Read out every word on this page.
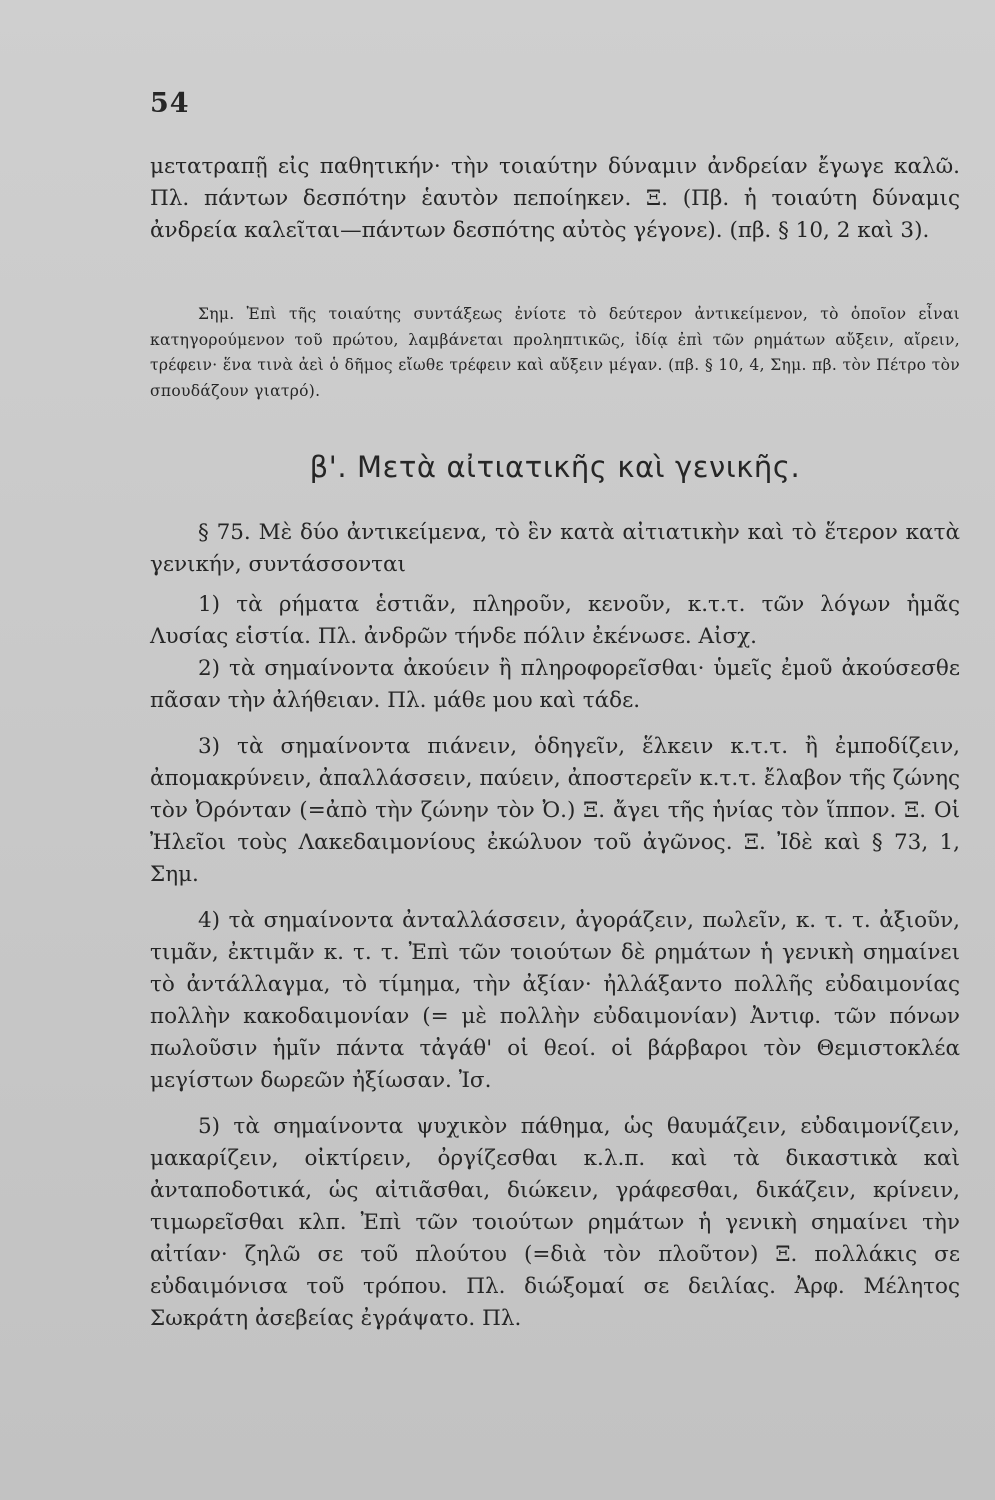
54

μετατραπῇ εἰς παθητικήν· τὴν τοιαύτην δύναμιν ἀνδρείαν ἔγωγε καλῶ. Πλ. πάντων δεσπότην ἑαυτὸν πεποίηκεν. Ξ. (Πβ. ἡ τοιαύτη δύναμις ἀνδρεία καλεῖται—πάντων δεσπότης αὐτὸς γέγονε). (πβ. § 10, 2 καὶ 3).

Σημ. Ἐπὶ τῆς τοιαύτης συντάξεως ἐνίοτε τὸ δεύτερον ἀντικείμενον, τὸ ὁποῖον εἶναι κατηγορούμενον τοῦ πρώτου, λαμβάνεται προληπτικῶς, ἰδίᾳ ἐπὶ τῶν ρημάτων αὔξειν, αἴρειν, τρέφειν· ἕνα τινὰ ἀεὶ ὁ δῆμος εἴωθε τρέφειν καὶ αὔξειν μέγαν. (πβ. § 10, 4, Σημ. πβ. τὸν Πέτρο τὸν σπουδάζουν γιατρό).

β'. Μετὰ αἰτιατικῆς καὶ γενικῆς.

§ 75. Μὲ δύο ἀντικείμενα, τὸ ἓν κατὰ αἰτιατικὴν καὶ τὸ ἕτερον κατὰ γενικήν, συντάσσονται

1) τὰ ρήματα ἑστιᾶν, πληροῦν, κενοῦν, κ.τ.τ. τῶν λόγων ἡμᾶς Λυσίας εἱστία. Πλ. ἀνδρῶν τήνδε πόλιν ἐκένωσε. Αἰσχ.

2) τὰ σημαίνοντα ἀκούειν ἢ πληροφορεῖσθαι· ὑμεῖς ἐμοῦ ἀκούσεσθε πᾶσαν τὴν ἀλήθειαν. Πλ. μάθε μου καὶ τάδε.

3) τὰ σημαίνοντα πιάνειν, ὁδηγεῖν, ἕλκειν κ.τ.τ. ἢ ἐμποδίζειν, ἀπομακρύνειν, ἀπαλλάσσειν, παύειν, ἀποστερεῖν κ.τ.τ. ἔλαβον τῆς ζώνης τὸν Ὀρόνταν (=ἀπὸ τὴν ζώνην τὸν Ὀ.) Ξ. ἄγει τῆς ἡνίας τὸν ἵππον. Ξ. Οἱ Ἠλεῖοι τοὺς Λακεδαιμονίους ἐκώλυον τοῦ ἀγῶνος. Ξ. Ἰδὲ καὶ § 73, 1, Σημ.

4) τὰ σημαίνοντα ἀνταλλάσσειν, ἀγοράζειν, πωλεῖν, κ. τ. τ. ἀξιοῦν, τιμᾶν, ἐκτιμᾶν κ. τ. τ. Ἐπὶ τῶν τοιούτων δὲ ρημάτων ἡ γενικὴ σημαίνει τὸ ἀντάλλαγμα, τὸ τίμημα, τὴν ἀξίαν· ἠλλάξαντο πολλῆς εὐδαιμονίας πολλὴν κακοδαιμονίαν (= μὲ πολλὴν εὐδαιμονίαν) Ἀντιφ. τῶν πόνων πωλοῦσιν ἡμῖν πάντα τἀγάθ' οἱ θεοί. οἱ βάρβαροι τὸν Θεμιστοκλέα μεγίστων δωρεῶν ἠξίωσαν. Ἰσ.

5) τὰ σημαίνοντα ψυχικὸν πάθημα, ὡς θαυμάζειν, εὐδαιμονίζειν, μακαρίζειν, οἰκτίρειν, ὀργίζεσθαι κ.λ.π. καὶ τὰ δικαστικὰ καὶ ἀνταποδοτικά, ὡς αἰτιᾶσθαι, διώκειν, γράφεσθαι, δικάζειν, κρίνειν, τιμωρεῖσθαι κλπ. Ἐπὶ τῶν τοιούτων ρημάτων ἡ γενικὴ σημαίνει τὴν αἰτίαν· ζηλῶ σε τοῦ πλούτου (=διὰ τὸν πλοῦτον) Ξ. πολλάκις σε εὐδαιμόνισα τοῦ τρόπου. Πλ. διώξομαί σε δειλίας. Ἀρφ. Μέλητος Σωκράτη ἀσεβείας ἐγράψατο. Πλ.
